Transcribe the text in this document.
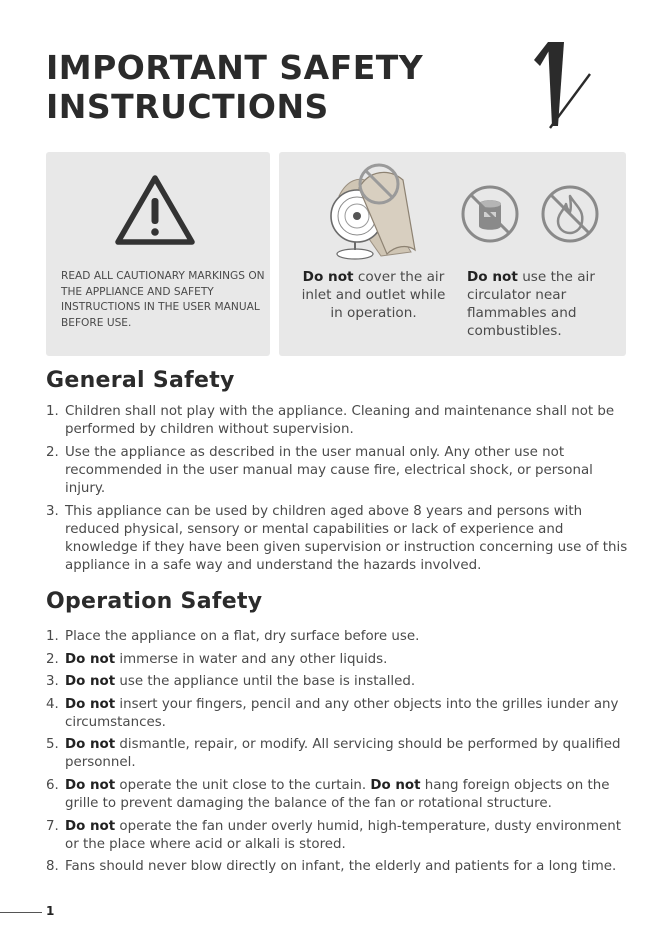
IMPORTANT SAFETY
INSTRUCTIONS

READ ALL CAUTIONARY MARKINGS ON THE APPLIANCE AND SAFETY INSTRUCTIONS IN THE USER MANUAL BEFORE USE.

Do not cover the air inlet and outlet while in operation.

Do not use the air circulator near flammables and combustibles.

General Safety
1. Children shall not play with the appliance. Cleaning and maintenance shall not be performed by children without supervision.
2. Use the appliance as described in the user manual only. Any other use not recommended in the user manual may cause fire, electrical shock, or personal injury.
3. This appliance can be used by children aged above 8 years and persons with reduced physical, sensory or mental capabilities or lack of experience and knowledge if they have been given supervision or instruction concerning use of this appliance in a safe way and understand the hazards involved.
Operation Safety
1. Place the appliance on a flat, dry surface before use.
2. Do not immerse in water and any other liquids.
3. Do not use the appliance until the base is installed.
4. Do not insert your fingers, pencil and any other objects into the grilles iunder any circumstances.
5. Do not dismantle, repair, or modify. All servicing should be performed by qualified personnel.
6. Do not operate the unit close to the curtain. Do not hang foreign objects on the grille to prevent damaging the balance of the fan or rotational structure.
7. Do not operate the fan under overly humid, high-temperature, dusty environment or the place where acid or alkali is stored.
8. Fans should never blow directly on infant, the elderly and patients for a long time.
1
